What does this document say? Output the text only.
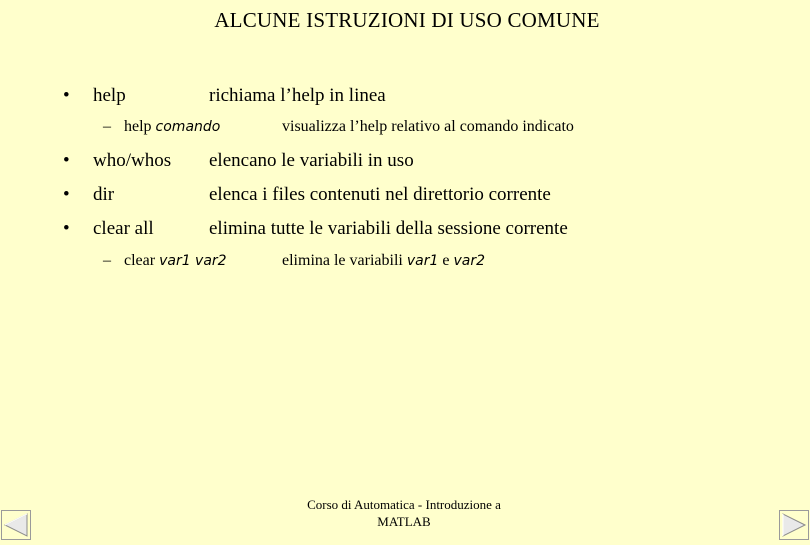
ALCUNE ISTRUZIONI DI USO COMUNE
• help	richiama l’help in linea
– help comando	visualizza l’help relativo al comando indicato
• who/whos elencano le variabili in uso
• dir	elenca i files contenuti nel direttorio corrente
• clear all	elimina tutte le variabili della sessione corrente
– clear var1 var2	elimina le variabili var1 e var2
Corso di Automatica - Introduzione a
MATLAB
